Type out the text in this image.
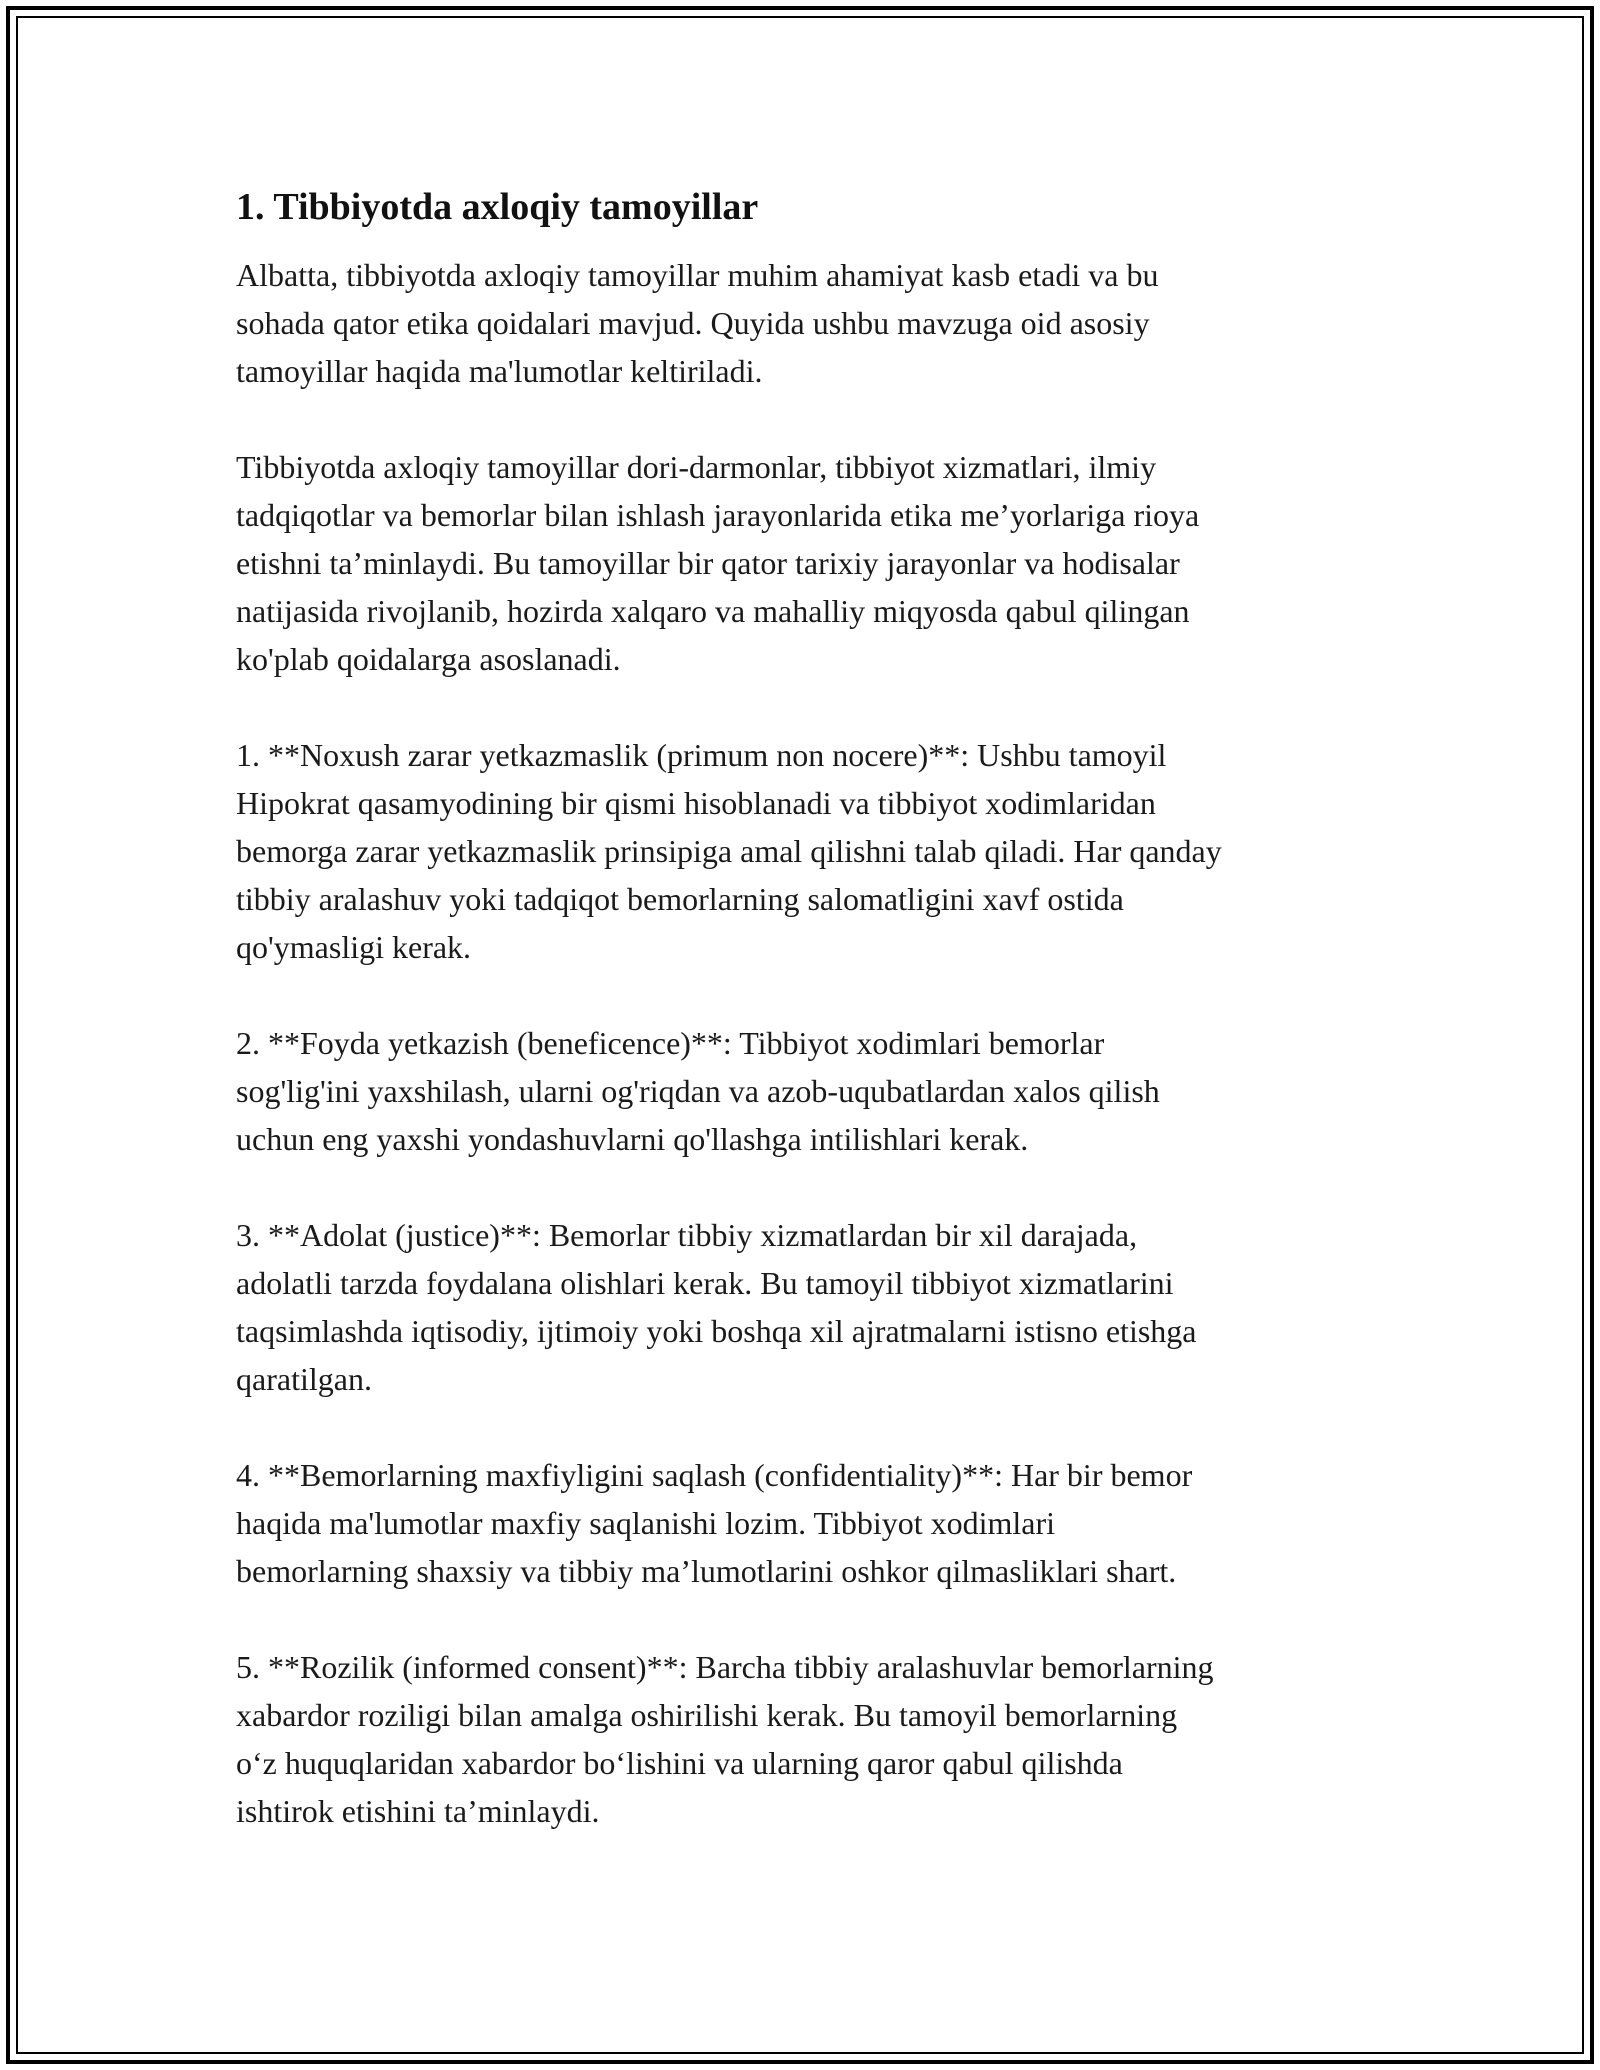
1. Tibbiyotda axloqiy tamoyillar

Albatta, tibbiyotda axloqiy tamoyillar muhim ahamiyat kasb etadi va bu
sohada qator etika qoidalari mavjud. Quyida ushbu mavzuga oid asosiy
tamoyillar haqida ma'lumotlar keltiriladi.

Tibbiyotda axloqiy tamoyillar dori-darmonlar, tibbiyot xizmatlari, ilmiy
tadqiqotlar va bemorlar bilan ishlash jarayonlarida etika me’yorlariga rioya
etishni ta’minlaydi. Bu tamoyillar bir qator tarixiy jarayonlar va hodisalar
natijasida rivojlanib, hozirda xalqaro va mahalliy miqyosda qabul qilingan
ko'plab qoidalarga asoslanadi.

1. **Noxush zarar yetkazmaslik (primum non nocere)**: Ushbu tamoyil
Hipokrat qasamyodining bir qismi hisoblanadi va tibbiyot xodimlaridan
bemorga zarar yetkazmaslik prinsipiga amal qilishni talab qiladi. Har qanday
tibbiy aralashuv yoki tadqiqot bemorlarning salomatligini xavf ostida
qo'ymasligi kerak.

2. **Foyda yetkazish (beneficence)**: Tibbiyot xodimlari bemorlar
sog'lig'ini yaxshilash, ularni og'riqdan va azob-uqubatlardan xalos qilish
uchun eng yaxshi yondashuvlarni qo'llashga intilishlari kerak.

3. **Adolat (justice)**: Bemorlar tibbiy xizmatlardan bir xil darajada,
adolatli tarzda foydalana olishlari kerak. Bu tamoyil tibbiyot xizmatlarini
taqsimlashda iqtisodiy, ijtimoiy yoki boshqa xil ajratmalarni istisno etishga
qaratilgan.

4. **Bemorlarning maxfiyligini saqlash (confidentiality)**: Har bir bemor
haqida ma'lumotlar maxfiy saqlanishi lozim. Tibbiyot xodimlari
bemorlarning shaxsiy va tibbiy ma’lumotlarini oshkor qilmasliklari shart.

5. **Rozilik (informed consent)**: Barcha tibbiy aralashuvlar bemorlarning
xabardor roziligi bilan amalga oshirilishi kerak. Bu tamoyil bemorlarning
o‘z huquqlaridan xabardor bo‘lishini va ularning qaror qabul qilishda
ishtirok etishini ta’minlaydi.
